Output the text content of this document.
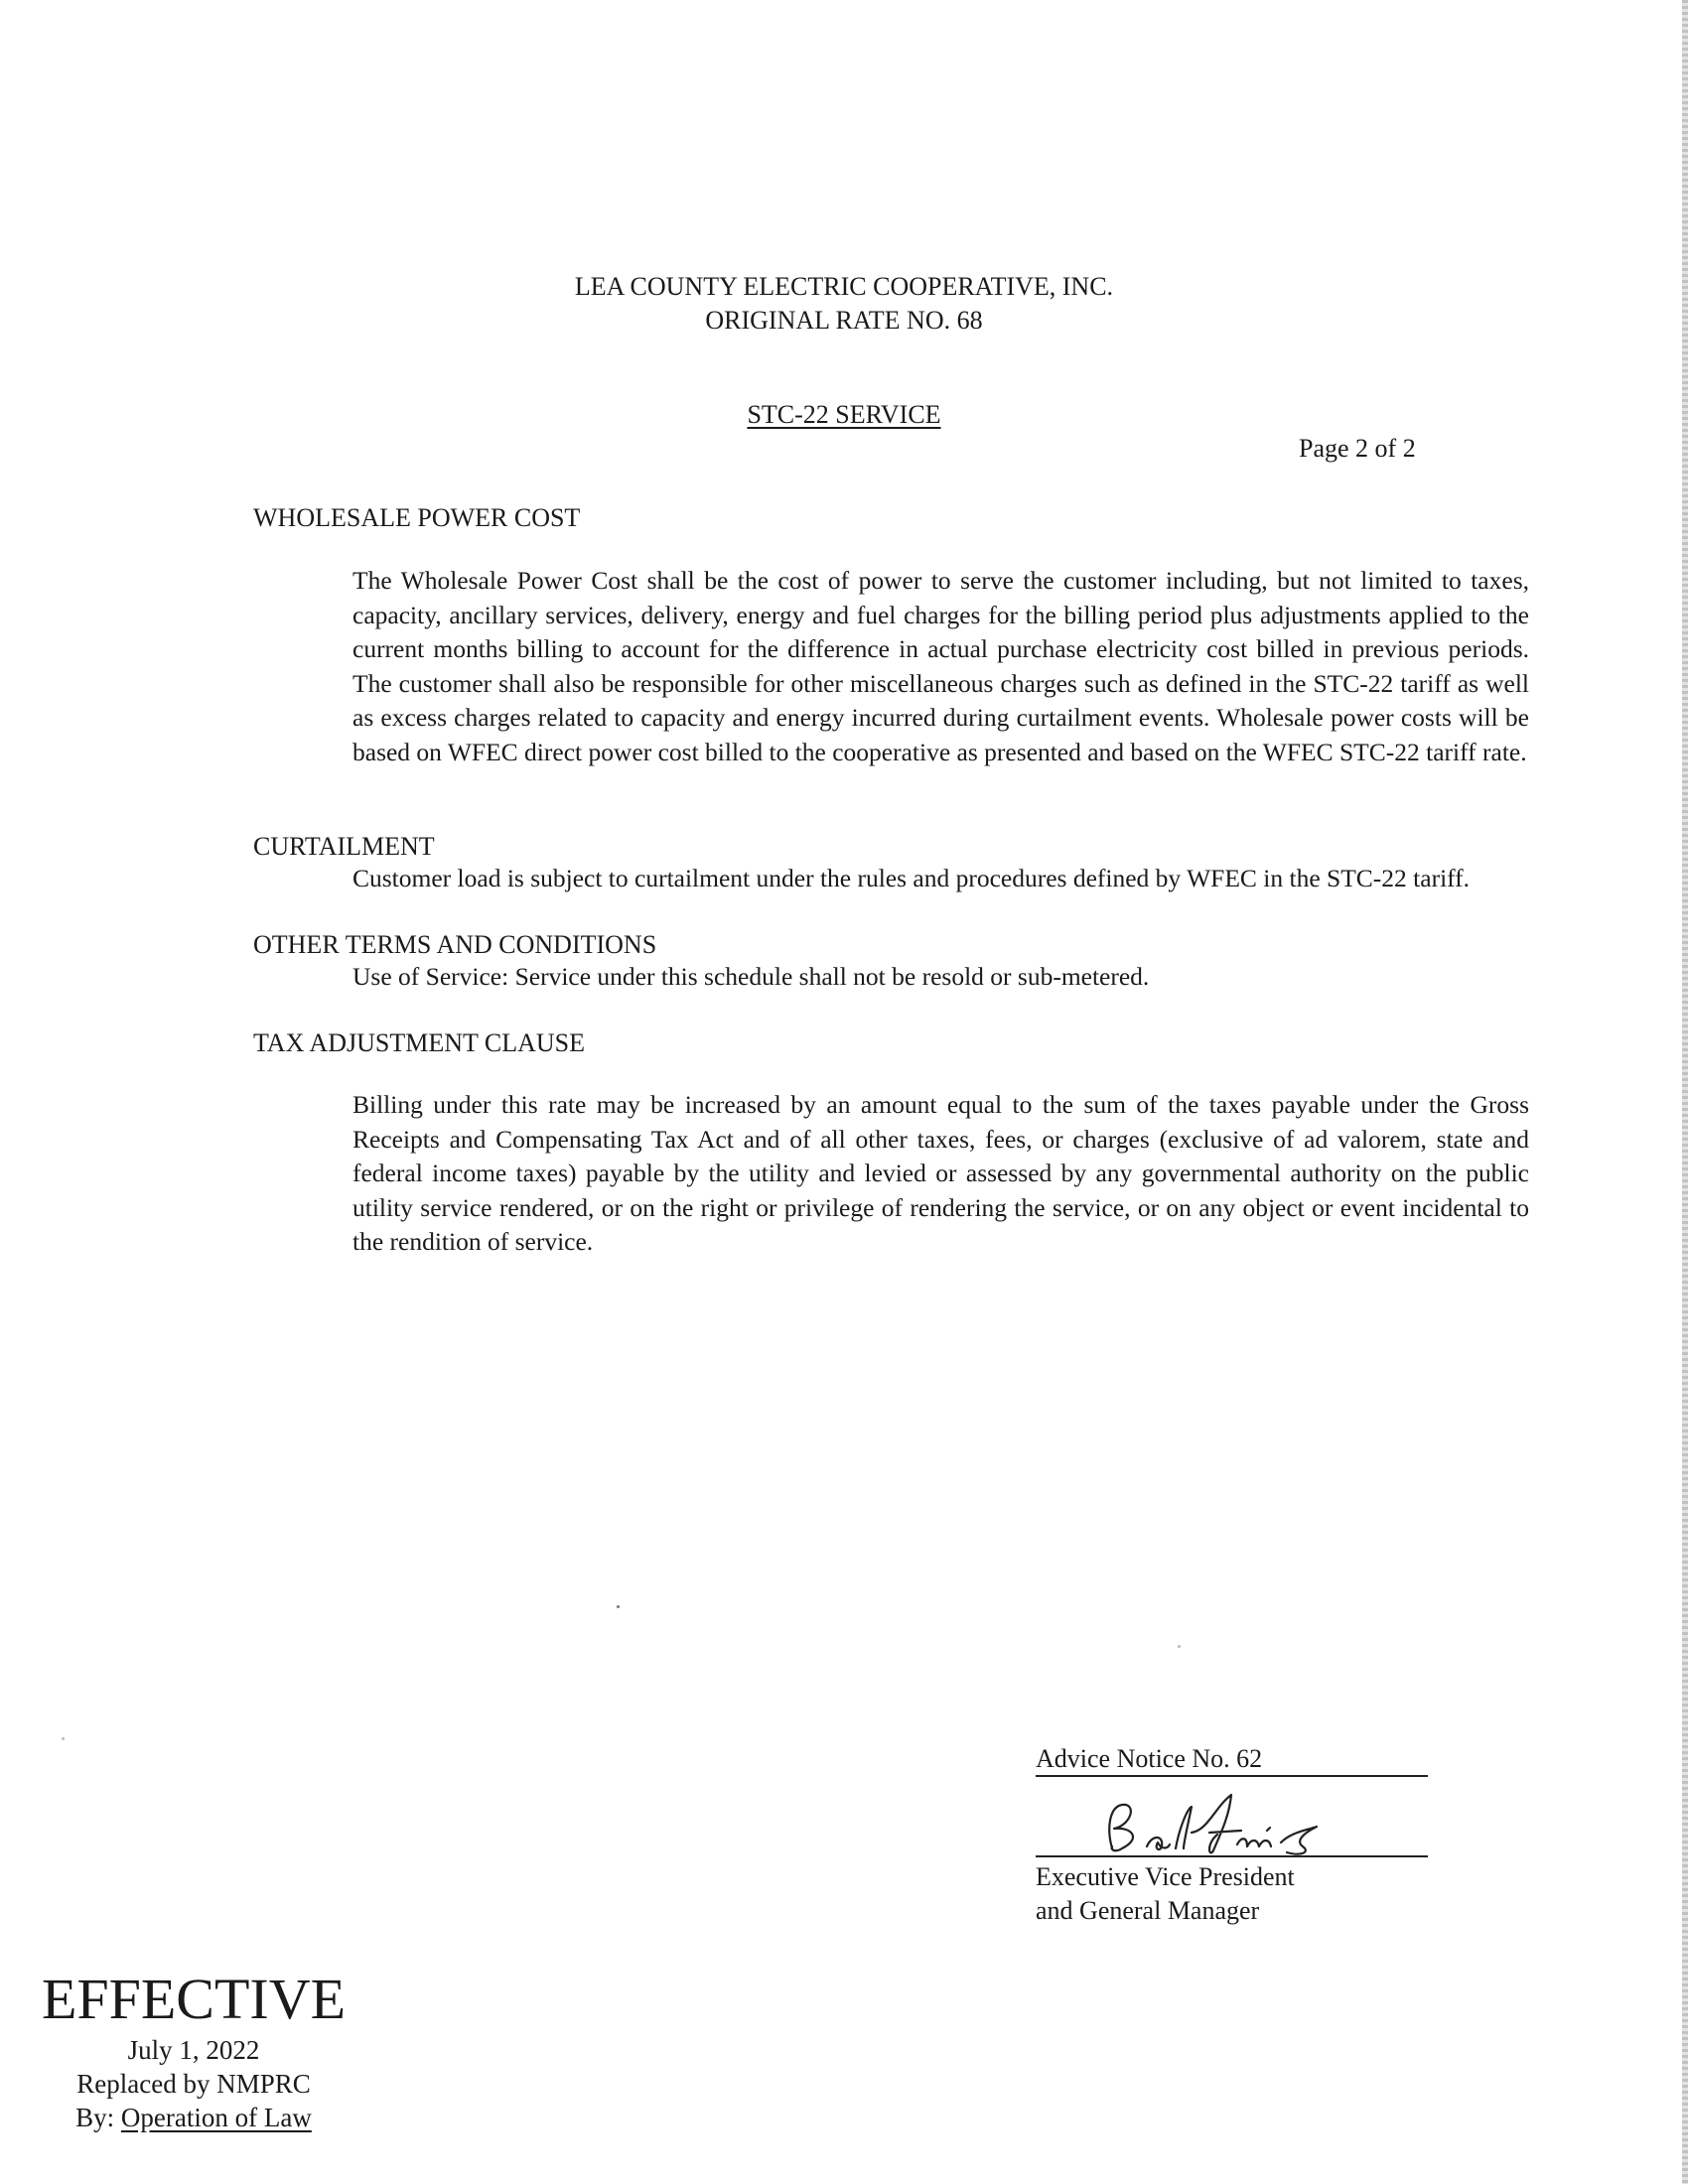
LEA COUNTY ELECTRIC COOPERATIVE, INC.
ORIGINAL RATE NO. 68
STC-22 SERVICE
Page 2 of 2
WHOLESALE POWER COST
The Wholesale Power Cost shall be the cost of power to serve the customer including, but not limited to taxes, capacity, ancillary services, delivery, energy and fuel charges for the billing period plus adjustments applied to the current months billing to account for the difference in actual purchase electricity cost billed in previous periods. The customer shall also be responsible for other miscellaneous charges such as defined in the STC-22 tariff as well as excess charges related to capacity and energy incurred during curtailment events. Wholesale power costs will be based on WFEC direct power cost billed to the cooperative as presented and based on the WFEC STC-22 tariff rate.
CURTAILMENT
Customer load is subject to curtailment under the rules and procedures defined by WFEC in the STC-22 tariff.
OTHER TERMS AND CONDITIONS
Use of Service: Service under this schedule shall not be resold or sub-metered.
TAX ADJUSTMENT CLAUSE
Billing under this rate may be increased by an amount equal to the sum of the taxes payable under the Gross Receipts and Compensating Tax Act and of all other taxes, fees, or charges (exclusive of ad valorem, state and federal income taxes) payable by the utility and levied or assessed by any governmental authority on the public utility service rendered, or on the right or privilege of rendering the service, or on any object or event incidental to the rendition of service.
Advice Notice No. 62
Executive Vice President
and General Manager
EFFECTIVE
July 1, 2022
Replaced by NMPRC
By: Operation of Law
